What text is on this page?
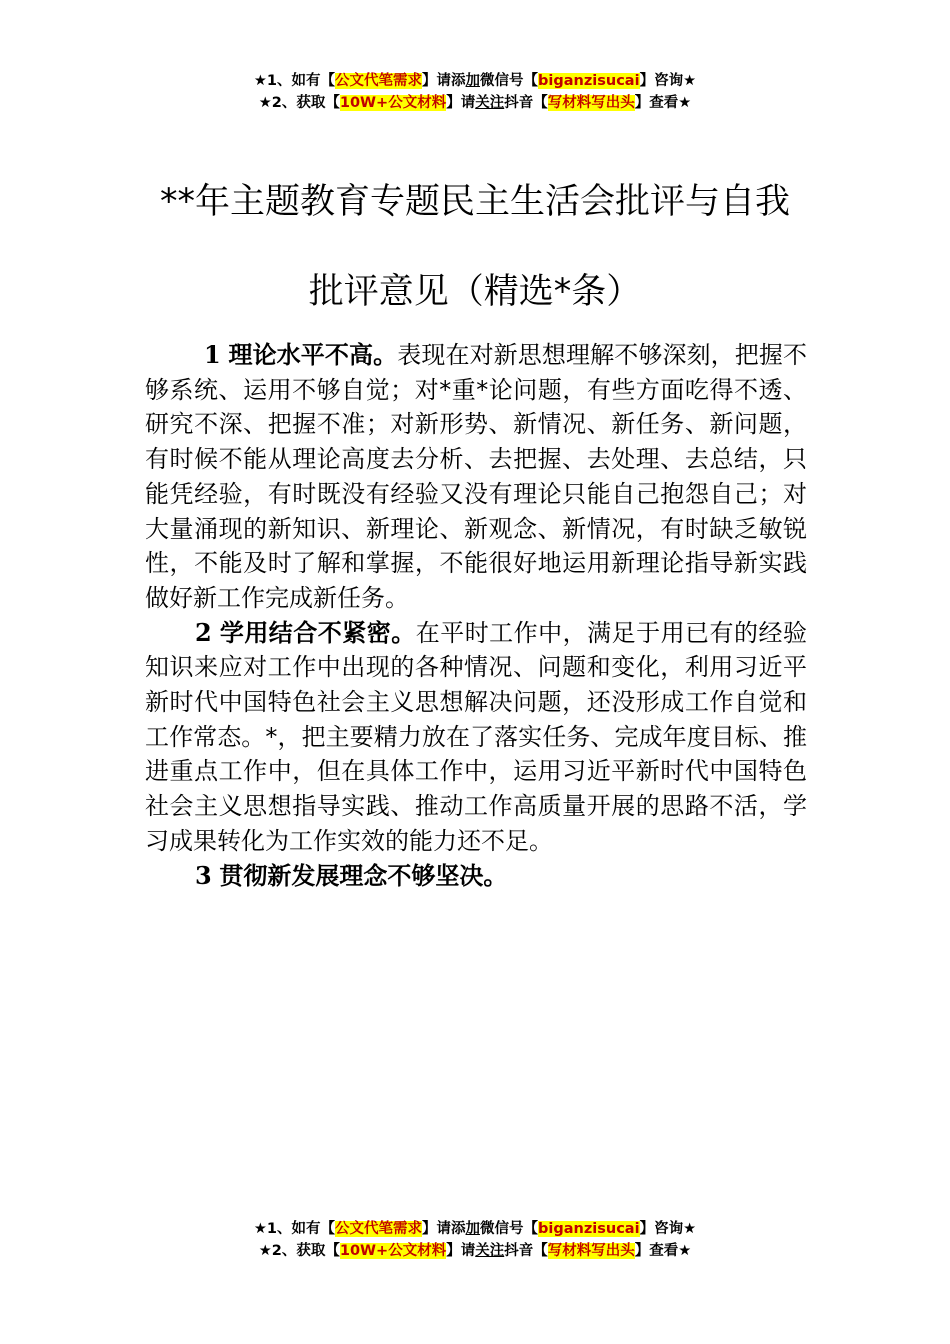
★1、如有【公文代笔需求】请添加微信号【biganzisucai】咨询★
★2、获取【10W+公文材料】请关注抖音【写材料写出头】查看★
**年主题教育专题民主生活会批评与自我
批评意见（精选*条）

1 理论水平不高。表现在对新思想理解不够深刻，把握不够系统、运用不够自觉；对*重*论问题，有些方面吃得不透、研究不深、把握不准；对新形势、新情况、新任务、新问题，有时候不能从理论高度去分析、去把握、去处理、去总结，只能凭经验，有时既没有经验又没有理论只能自己抱怨自己；对大量涌现的新知识、新理论、新观念、新情况，有时缺乏敏锐性，不能及时了解和掌握，不能很好地运用新理论指导新实践做好新工作完成新任务。

2 学用结合不紧密。在平时工作中，满足于用已有的经验知识来应对工作中出现的各种情况、问题和变化，利用习近平新时代中国特色社会主义思想解决问题，还没形成工作自觉和工作常态。*，把主要精力放在了落实任务、完成年度目标、推进重点工作中，但在具体工作中，运用习近平新时代中国特色社会主义思想指导实践、推动工作高质量开展的思路不活，学习成果转化为工作实效的能力还不足。

3 贯彻新发展理念不够坚决。

★1、如有【公文代笔需求】请添加微信号【biganzisucai】咨询★
★2、获取【10W+公文材料】请关注抖音【写材料写出头】查看★
